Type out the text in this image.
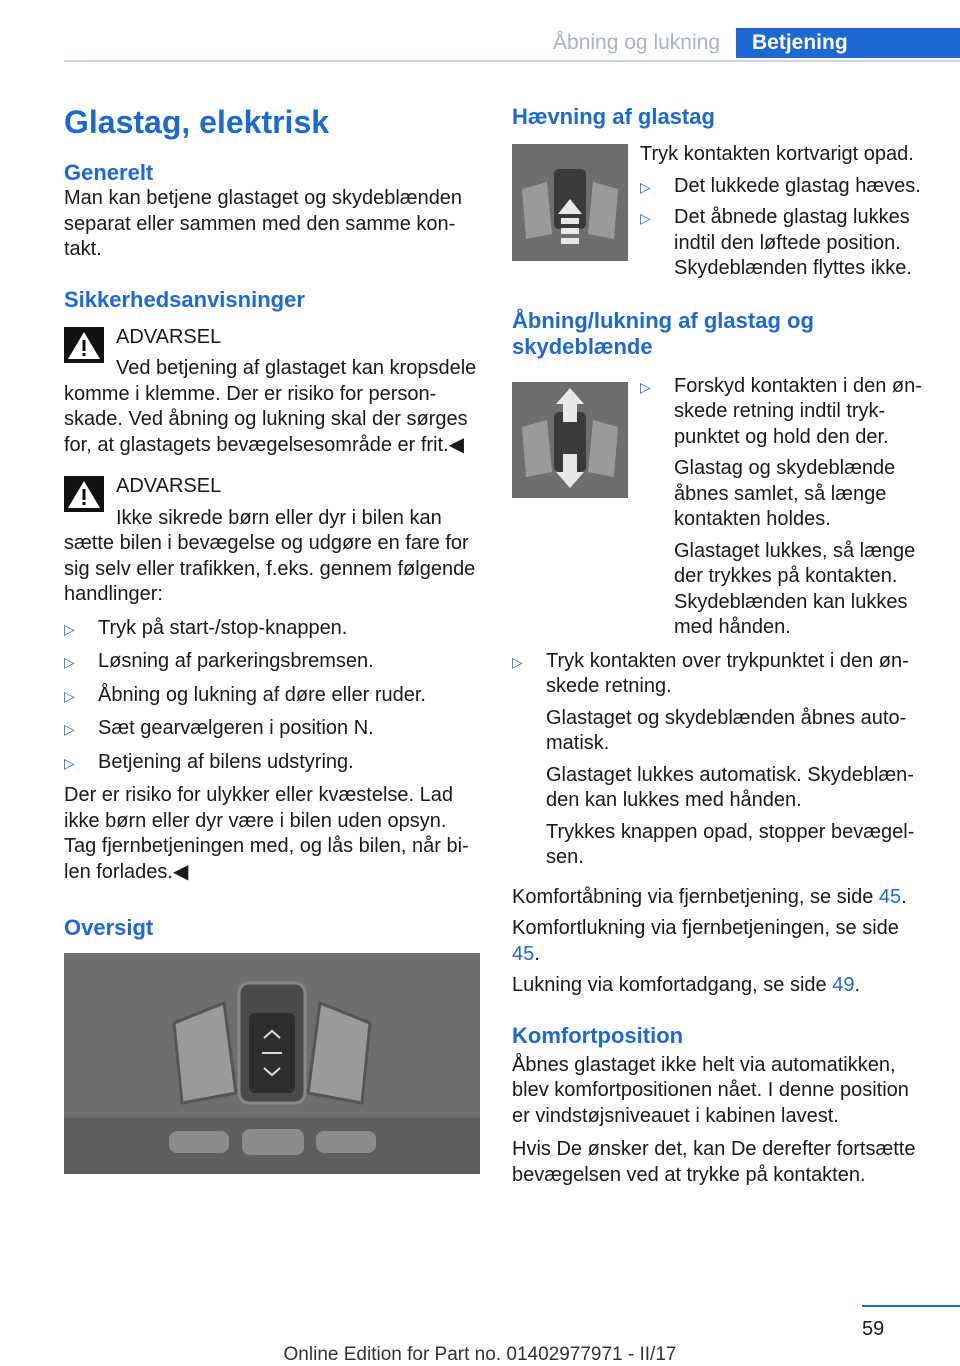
Åbning og lukning	Betjening
Glastag, elektrisk
Generelt

Man kan betjene glastaget og skydeblænden separat eller sammen med den samme kontakt.

Sikkerhedsanvisninger

ADVARSEL

Ved betjening af glastaget kan kropsdele komme i klemme. Der er risiko for personskade. Ved åbning og lukning skal der sørges for, at glastagets bevægelsesområde er frit.◀

ADVARSEL

Ikke sikrede børn eller dyr i bilen kan sætte bilen i bevægelse og udgøre en fare for sig selv eller trafikken, f.eks. gennem følgende handlinger:

▷ Tryk på start-/stop-knappen.

▷ Løsning af parkeringsbremsen.

▷ Åbning og lukning af døre eller ruder.

▷ Sæt gearvælgeren i position N.

▷ Betjening af bilens udstyring.

Der er risiko for ulykker eller kvæstelse. Lad ikke børn eller dyr være i bilen uden opsyn. Tag fjernbetjeningen med, og lås bilen, når bilen forlades.◀

Oversigt
Hævning af glastag

Tryk kontakten kortvarigt opad.

▷ Det lukkede glastag hæves.

▷ Det åbnede glastag lukkes indtil den løftede position. Skydeblænden flyttes ikke.

Åbning/lukning af glastag og skydeblænde

▷ Forskyd kontakten i den ønskede retning indtil trykpunktet og hold den der.

Glastag og skydeblænde åbnes samlet, så længe kontakten holdes.

Glastaget lukkes, så længe der trykkes på kontakten. Skydeblænden kan lukkes med hånden.

▷ Tryk kontakten over trykpunktet i den ønskede retning.

Glastaget og skydeblænden åbnes automatisk.

Glastaget lukkes automatisk. Skydeblænden kan lukkes med hånden.

Trykkes knappen opad, stopper bevægelsen.

Komfortåbning via fjernbetjening, se side 45.

Komfortlukning via fjernbetjeningen, se side 45.

Lukning via komfortadgang, se side 49.

Komfortposition

Åbnes glastaget ikke helt via automatikken, blev komfortpositionen nået. I denne position er vindstøjsniveauet i kabinen lavest.

Hvis De ønsker det, kan De derefter fortsætte bevægelsen ved at trykke på kontakten.

59
Online Edition for Part no. 01402977971 - II/17
